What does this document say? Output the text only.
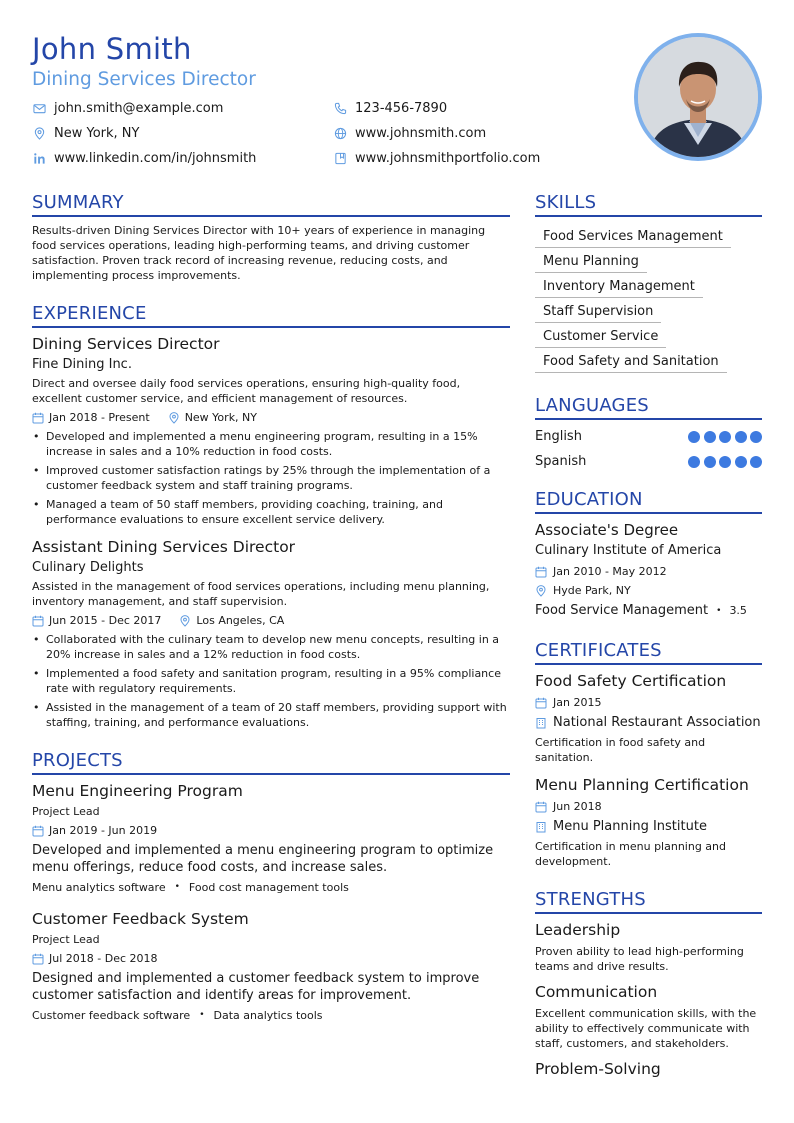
John Smith
Dining Services Director
john.smith@example.com	123-456-7890
New York, NY	www.johnsmith.com
www.linkedin.com/in/johnsmith	www.johnsmithportfolio.com
SUMMARY
Results-driven Dining Services Director with 10+ years of experience in managing food services operations, leading high-performing teams, and driving customer satisfaction. Proven track record of increasing revenue, reducing costs, and implementing process improvements.
EXPERIENCE
Dining Services Director
Fine Dining Inc.
Direct and oversee daily food services operations, ensuring high-quality food, excellent customer service, and efficient management of resources.
Jan 2018 - Present	New York, NY
• Developed and implemented a menu engineering program, resulting in a 15% increase in sales and a 10% reduction in food costs.
• Improved customer satisfaction ratings by 25% through the implementation of a customer feedback system and staff training programs.
• Managed a team of 50 staff members, providing coaching, training, and performance evaluations to ensure excellent service delivery.
Assistant Dining Services Director
Culinary Delights
Assisted in the management of food services operations, including menu planning, inventory management, and staff supervision.
Jun 2015 - Dec 2017	Los Angeles, CA
• Collaborated with the culinary team to develop new menu concepts, resulting in a 20% increase in sales and a 12% reduction in food costs.
• Implemented a food safety and sanitation program, resulting in a 95% compliance rate with regulatory requirements.
• Assisted in the management of a team of 20 staff members, providing support with staffing, training, and performance evaluations.
PROJECTS
Menu Engineering Program
Project Lead
Jan 2019 - Jun 2019
Developed and implemented a menu engineering program to optimize menu offerings, reduce food costs, and increase sales.
Menu analytics software • Food cost management tools
Customer Feedback System
Project Lead
Jul 2018 - Dec 2018
Designed and implemented a customer feedback system to improve customer satisfaction and identify areas for improvement.
Customer feedback software • Data analytics tools
SKILLS
Food Services Management
Menu Planning
Inventory Management
Staff Supervision
Customer Service
Food Safety and Sanitation
LANGUAGES
English
Spanish
EDUCATION
Associate's Degree
Culinary Institute of America
Jan 2010 - May 2012
Hyde Park, NY
Food Service Management • 3.5
CERTIFICATES
Food Safety Certification
Jan 2015
National Restaurant Association
Certification in food safety and sanitation.
Menu Planning Certification
Jun 2018
Menu Planning Institute
Certification in menu planning and development.
STRENGTHS
Leadership
Proven ability to lead high-performing teams and drive results.
Communication
Excellent communication skills, with the ability to effectively communicate with staff, customers, and stakeholders.
Problem-Solving
